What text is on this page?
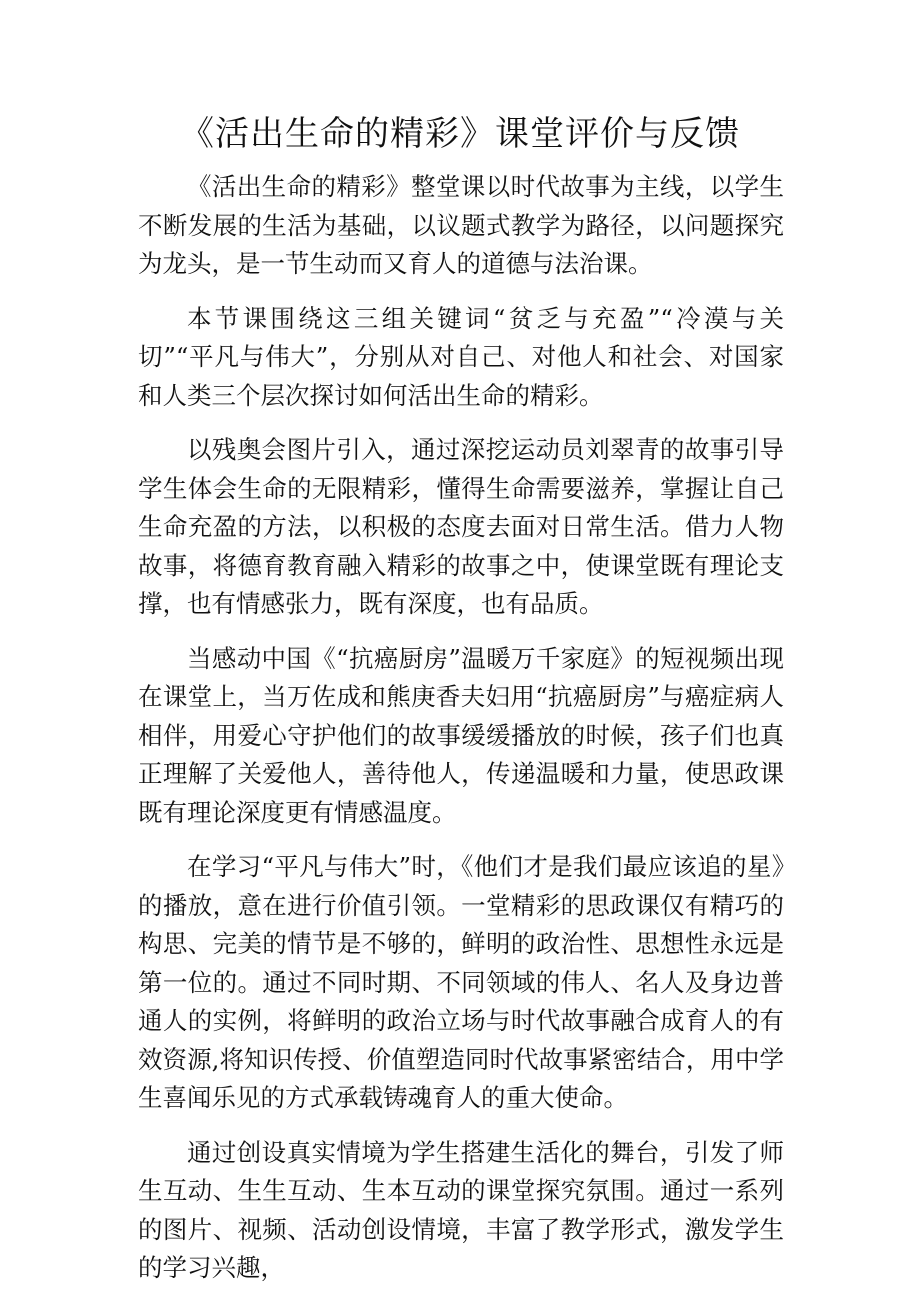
《活出生命的精彩》课堂评价与反馈

《活出生命的精彩》整堂课以时代故事为主线，以学生不断发展的生活为基础，以议题式教学为路径，以问题探究为龙头，是一节生动而又育人的道德与法治课。

本节课围绕这三组关键词“贫乏与充盈”“冷漠与关切”“平凡与伟大”，分别从对自己、对他人和社会、对国家和人类三个层次探讨如何活出生命的精彩。

以残奥会图片引入，通过深挖运动员刘翠青的故事引导学生体会生命的无限精彩，懂得生命需要滋养，掌握让自己生命充盈的方法，以积极的态度去面对日常生活。借力人物故事，将德育教育融入精彩的故事之中，使课堂既有理论支撑，也有情感张力，既有深度，也有品质。

当感动中国《“抗癌厨房”温暖万千家庭》的短视频出现在课堂上，当万佐成和熊庚香夫妇用“抗癌厨房”与癌症病人相伴，用爱心守护他们的故事缓缓播放的时候，孩子们也真正理解了关爱他人，善待他人，传递温暖和力量，使思政课既有理论深度更有情感温度。

在学习“平凡与伟大”时，《他们才是我们最应该追的星》的播放，意在进行价值引领。一堂精彩的思政课仅有精巧的构思、完美的情节是不够的，鲜明的政治性、思想性永远是第一位的。通过不同时期、不同领域的伟人、名人及身边普通人的实例，将鲜明的政治立场与时代故事融合成育人的有效资源,将知识传授、价值塑造同时代故事紧密结合，用中学生喜闻乐见的方式承载铸魂育人的重大使命。

通过创设真实情境为学生搭建生活化的舞台，引发了师生互动、生生互动、生本互动的课堂探究氛围。通过一系列的图片、视频、活动创设情境，丰富了教学形式，激发学生的学习兴趣，
